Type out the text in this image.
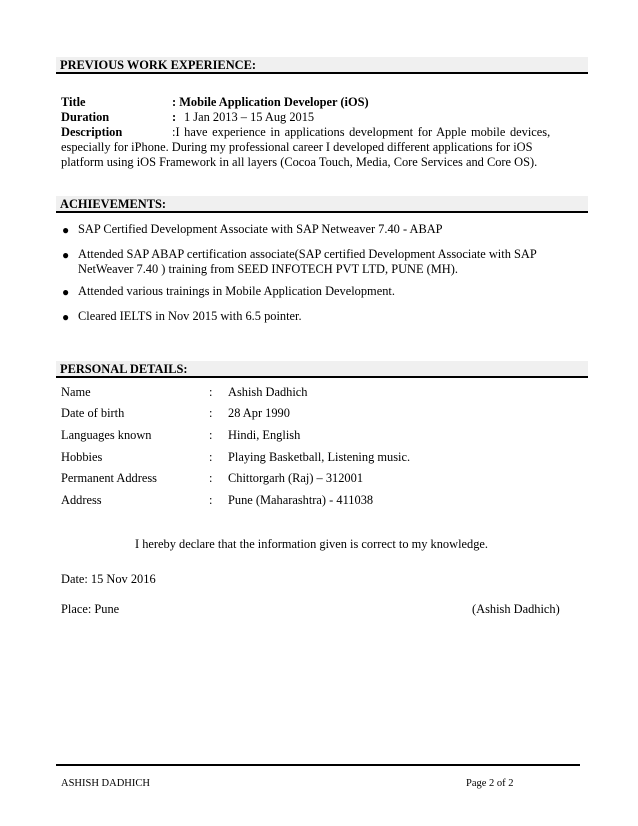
PREVIOUS WORK EXPERIENCE:
Title	: Mobile Application Developer (iOS)
Duration	: 1 Jan 2013 – 15 Aug 2015
Description	:I have experience in applications development for Apple mobile devices,
especially for iPhone. During my professional career I developed different applications for iOS
platform using iOS Framework in all layers (Cocoa Touch, Media, Core Services and Core OS).
ACHIEVEMENTS:
● SAP Certified Development Associate with SAP Netweaver 7.40 - ABAP
● Attended SAP ABAP certification associate(SAP certified Development Associate with SAP
NetWeaver 7.40 ) training from SEED INFOTECH PVT LTD, PUNE (MH).
● Attended various trainings in Mobile Application Development.
● Cleared IELTS in Nov 2015 with 6.5 pointer.
PERSONAL DETAILS:
Name	: Ashish Dadhich
Date of birth	: 28 Apr 1990
Languages known	: Hindi, English
Hobbies	: Playing Basketball, Listening music.
Permanent Address	: Chittorgarh (Raj) – 312001
Address	: Pune (Maharashtra) - 411038
I hereby declare that the information given is correct to my knowledge.
Date: 15 Nov 2016
Place: Pune	(Ashish Dadhich)
ASHISH DADHICH	Page 2 of 2
